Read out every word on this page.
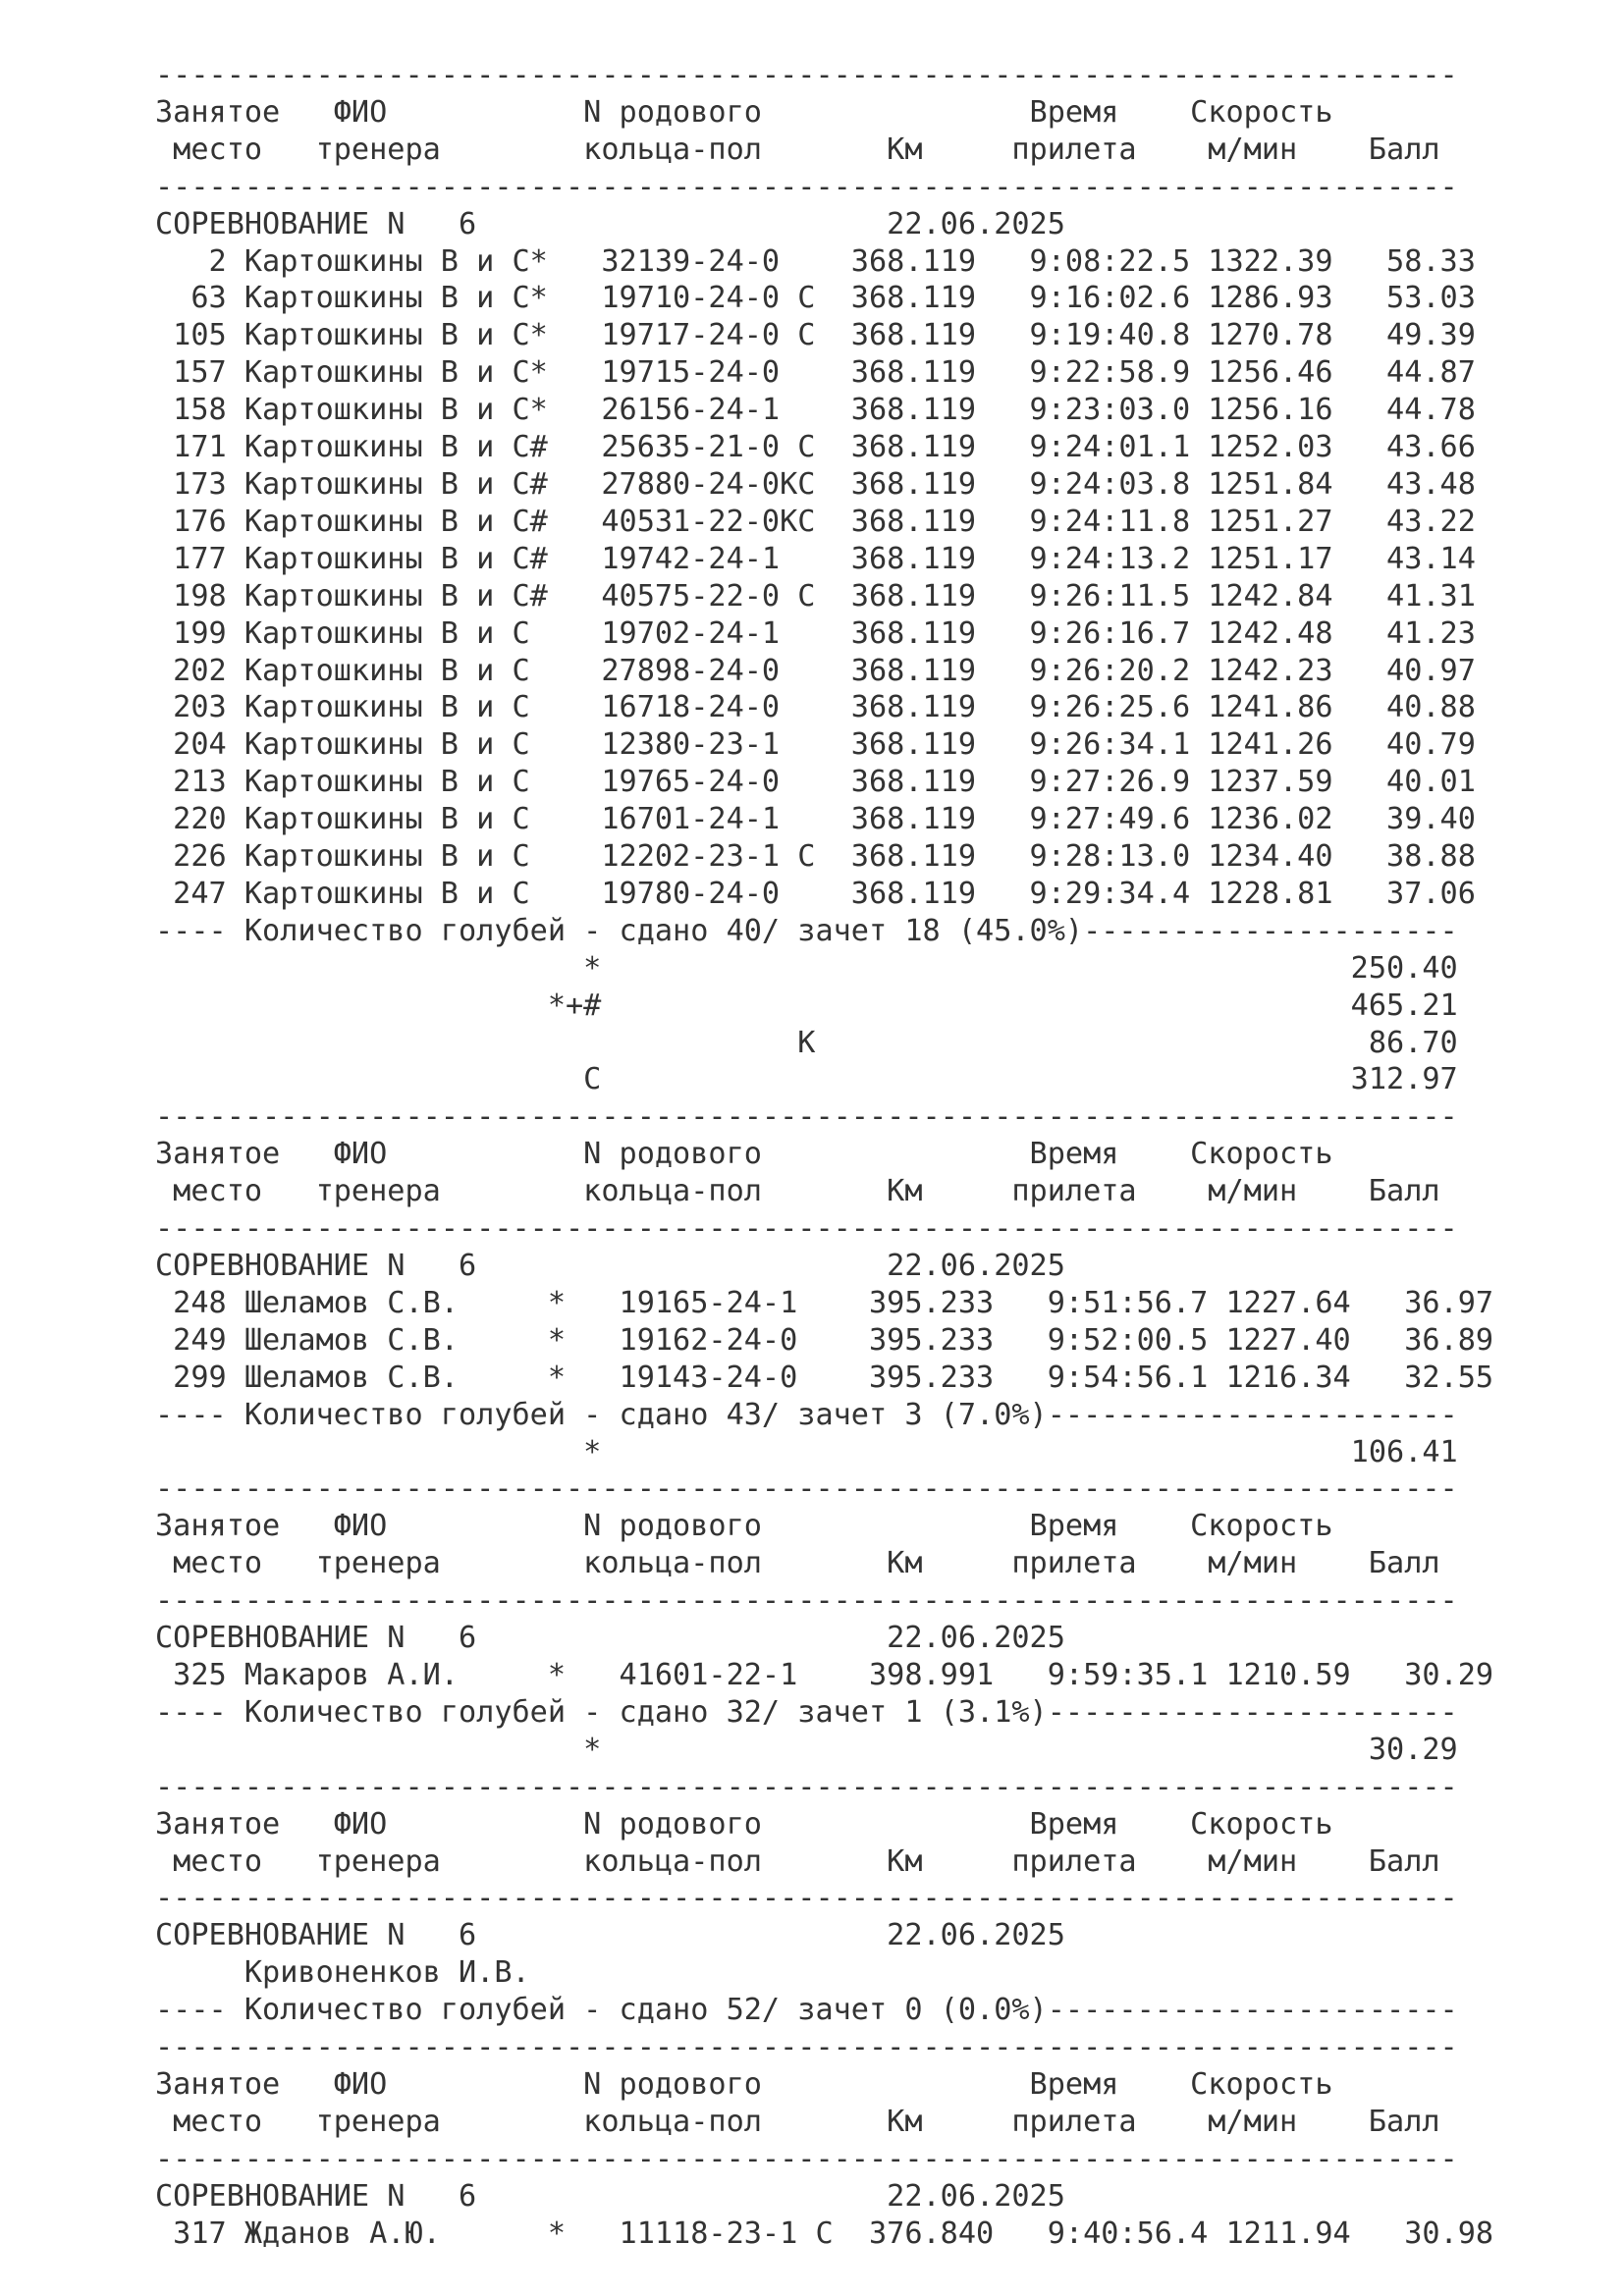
-------------------------------------------------------------------------
Занятое   ФИО           N родового               Время    Скорость
место   тренера        кольца-пол       Км     прилета    м/мин    Балл
-------------------------------------------------------------------------
СОРЕВНОВАНИЕ N   6                       22.06.2025
2 Картошкины В и С*   32139-24-0    368.119   9:08:22.5 1322.39   58.33
63 Картошкины В и С*   19710-24-0 С  368.119   9:16:02.6 1286.93   53.03
105 Картошкины В и С*   19717-24-0 С  368.119   9:19:40.8 1270.78   49.39
157 Картошкины В и С*   19715-24-0    368.119   9:22:58.9 1256.46   44.87
158 Картошкины В и С*   26156-24-1    368.119   9:23:03.0 1256.16   44.78
171 Картошкины В и С#   25635-21-0 С  368.119   9:24:01.1 1252.03   43.66
173 Картошкины В и С#   27880-24-0КС  368.119   9:24:03.8 1251.84   43.48
176 Картошкины В и С#   40531-22-0КС  368.119   9:24:11.8 1251.27   43.22
177 Картошкины В и С#   19742-24-1    368.119   9:24:13.2 1251.17   43.14
198 Картошкины В и С#   40575-22-0 С  368.119   9:26:11.5 1242.84   41.31
199 Картошкины В и С    19702-24-1    368.119   9:26:16.7 1242.48   41.23
202 Картошкины В и С    27898-24-0    368.119   9:26:20.2 1242.23   40.97
203 Картошкины В и С    16718-24-0    368.119   9:26:25.6 1241.86   40.88
204 Картошкины В и С    12380-23-1    368.119   9:26:34.1 1241.26   40.79
213 Картошкины В и С    19765-24-0    368.119   9:27:26.9 1237.59   40.01
220 Картошкины В и С    16701-24-1    368.119   9:27:49.6 1236.02   39.40
226 Картошкины В и С    12202-23-1 С  368.119   9:28:13.0 1234.40   38.88
247 Картошкины В и С    19780-24-0    368.119   9:29:34.4 1228.81   37.06
---- Количество голубей - сдано 40/ зачет 18 (45.0%)---------------------
*                                          250.40
*+#                                          465.21
К                               86.70
С                                          312.97
-------------------------------------------------------------------------
Занятое   ФИО           N родового               Время    Скорость
место   тренера        кольца-пол       Км     прилета    м/мин    Балл
-------------------------------------------------------------------------
СОРЕВНОВАНИЕ N   6                       22.06.2025
248 Шеламов С.В.     *   19165-24-1    395.233   9:51:56.7 1227.64   36.97
249 Шеламов С.В.     *   19162-24-0    395.233   9:52:00.5 1227.40   36.89
299 Шеламов С.В.     *   19143-24-0    395.233   9:54:56.1 1216.34   32.55
---- Количество голубей - сдано 43/ зачет 3 (7.0%)-----------------------
*                                          106.41
-------------------------------------------------------------------------
Занятое   ФИО           N родового               Время    Скорость
место   тренера        кольца-пол       Км     прилета    м/мин    Балл
-------------------------------------------------------------------------
СОРЕВНОВАНИЕ N   6                       22.06.2025
325 Макаров А.И.     *   41601-22-1    398.991   9:59:35.1 1210.59   30.29
---- Количество голубей - сдано 32/ зачет 1 (3.1%)-----------------------
*                                           30.29
-------------------------------------------------------------------------
Занятое   ФИО           N родового               Время    Скорость
место   тренера        кольца-пол       Км     прилета    м/мин    Балл
-------------------------------------------------------------------------
СОРЕВНОВАНИЕ N   6                       22.06.2025
Кривоненков И.В.
---- Количество голубей - сдано 52/ зачет 0 (0.0%)-----------------------
-------------------------------------------------------------------------
Занятое   ФИО           N родового               Время    Скорость
место   тренера        кольца-пол       Км     прилета    м/мин    Балл
-------------------------------------------------------------------------
СОРЕВНОВАНИЕ N   6                       22.06.2025
317 Жданов А.Ю.      *   11118-23-1 С  376.840   9:40:56.4 1211.94   30.98
